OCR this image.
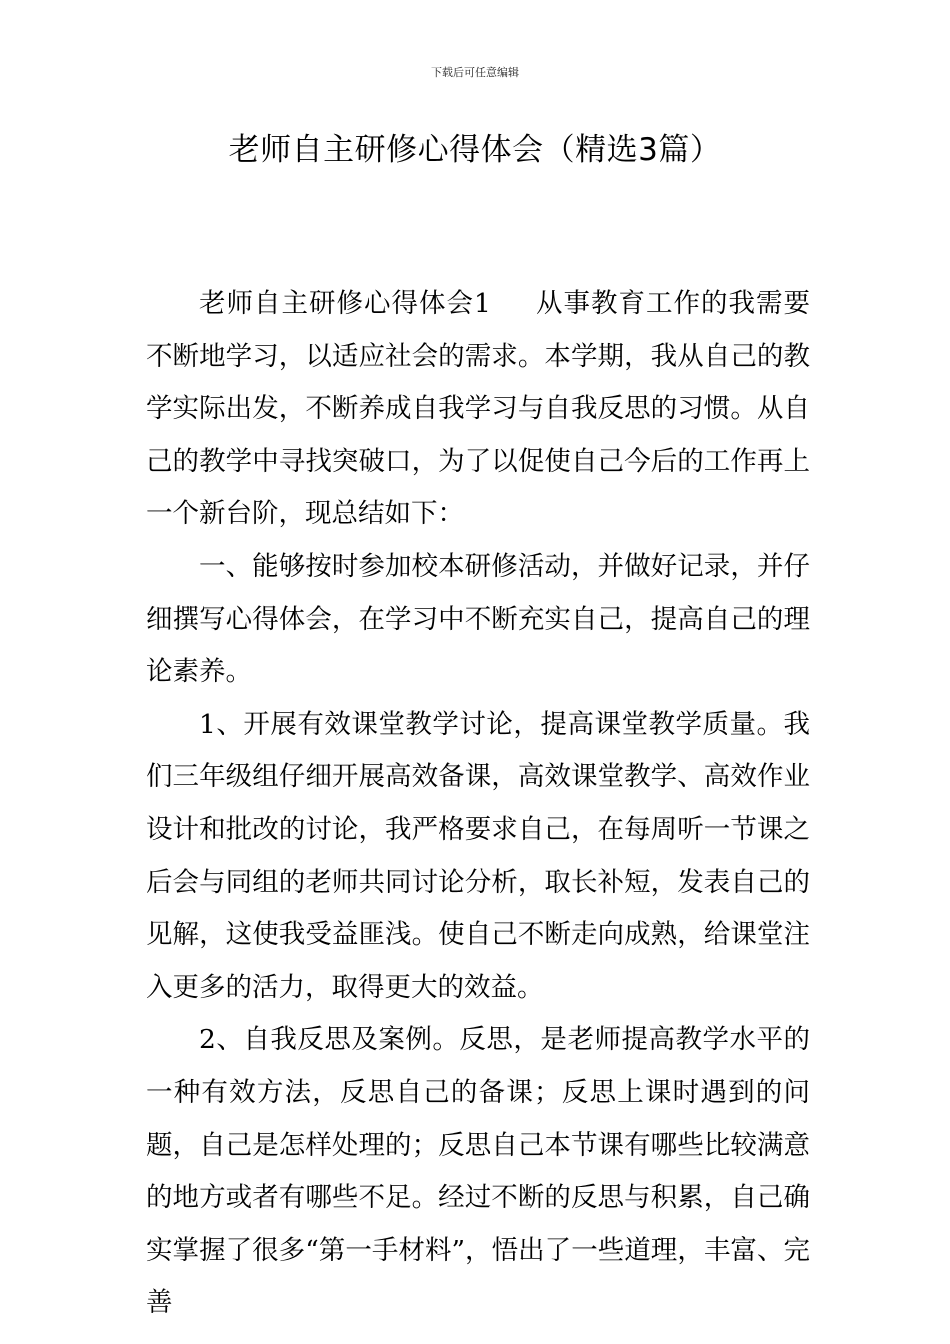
下载后可任意编辑
老师自主研修心得体会（精选3篇）

老师自主研修心得体会1 从事教育工作的我需要不断地学习，以适应社会的需求。本学期，我从自己的教学实际出发，不断养成自我学习与自我反思的习惯。从自己的教学中寻找突破口，为了以促使自己今后的工作再上一个新台阶，现总结如下：

一、能够按时参加校本研修活动，并做好记录，并仔细撰写心得体会，在学习中不断充实自己，提高自己的理论素养。

1、开展有效课堂教学讨论，提高课堂教学质量。我们三年级组仔细开展高效备课，高效课堂教学、高效作业设计和批改的讨论，我严格要求自己，在每周听一节课之后会与同组的老师共同讨论分析，取长补短，发表自己的见解，这使我受益匪浅。使自己不断走向成熟，给课堂注入更多的活力，取得更大的效益。

2、自我反思及案例。反思，是老师提高教学水平的一种有效方法，反思自己的备课；反思上课时遇到的问题，自己是怎样处理的；反思自己本节课有哪些比较满意的地方或者有哪些不足。经过不断的反思与积累，自己确实掌握了很多“第一手材料”，悟出了一些道理，丰富、完善
